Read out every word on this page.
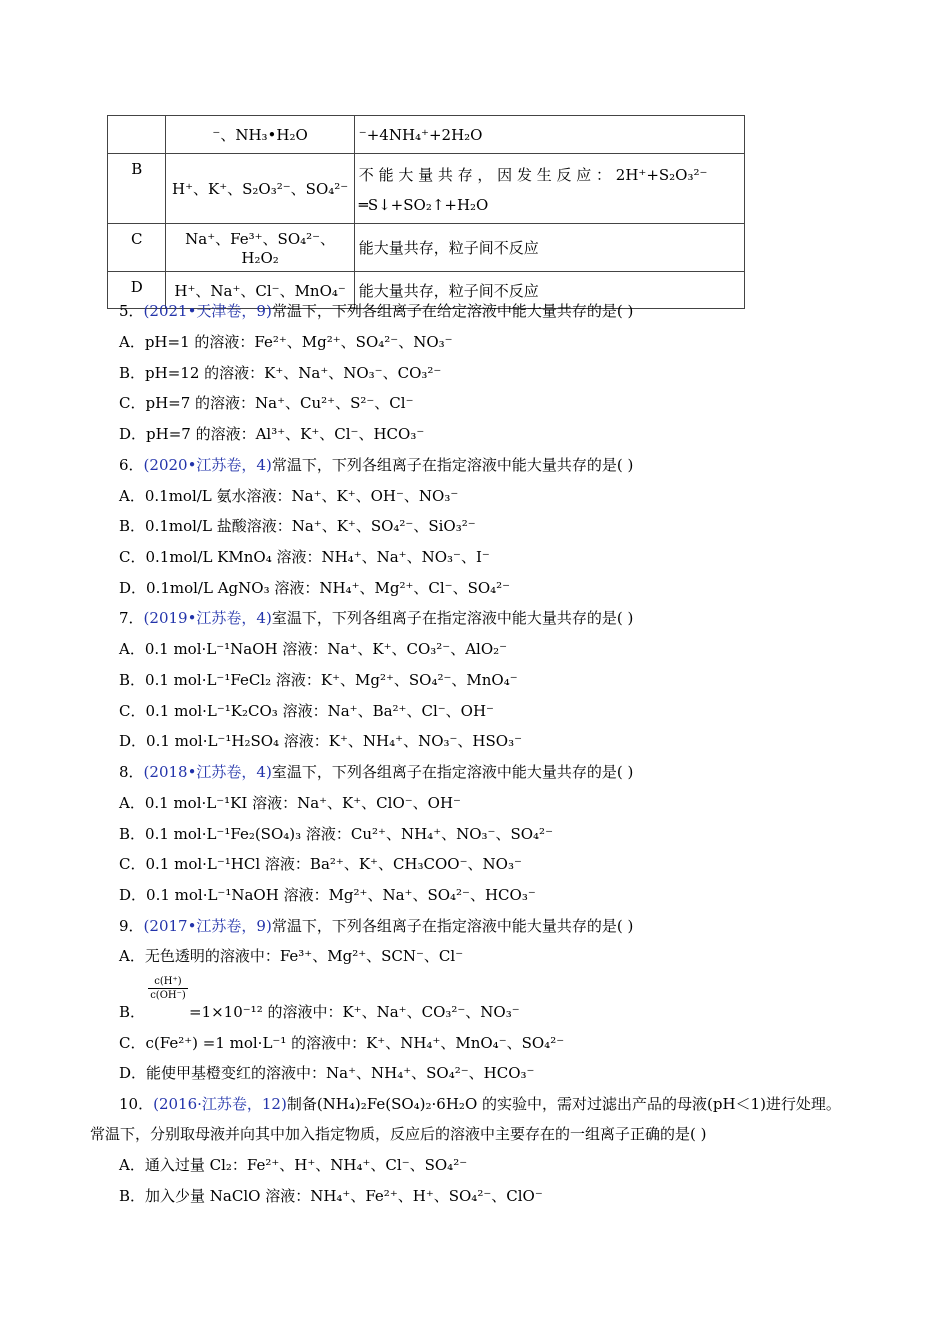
	⁻、NH₃•H₂O	⁻+4NH₄⁺+2H₂O
B	H⁺、K⁺、S₂O₃²⁻、SO₄²⁻	不 能 大 量 共 存 ， 因 发 生 反 应 ： 2H⁺+S₂O₃²⁻
═S↓+SO₂↑+H₂O

C	Na⁺、Fe³⁺、SO₄²⁻、H₂O₂	能大量共存，粒子间不反应
D	H⁺、Na⁺、Cl⁻、MnO₄⁻	能大量共存，粒子间不反应
5．(2021•天津卷，9)常温下，下列各组离子在给定溶液中能大量共存的是( )
A．pH=1 的溶液：Fe²⁺、Mg²⁺、SO₄²⁻、NO₃⁻
B．pH=12 的溶液：K⁺、Na⁺、NO₃⁻、CO₃²⁻
C．pH=7 的溶液：Na⁺、Cu²⁺、S²⁻、Cl⁻
D．pH=7 的溶液：Al³⁺、K⁺、Cl⁻、HCO₃⁻
6．(2020•江苏卷，4)常温下，下列各组离子在指定溶液中能大量共存的是( )
A．0.1mol/L 氨水溶液：Na⁺、K⁺、OH⁻、NO₃⁻
B．0.1mol/L 盐酸溶液：Na⁺、K⁺、SO₄²⁻、SiO₃²⁻
C．0.1mol/L KMnO₄ 溶液：NH₄⁺、Na⁺、NO₃⁻、I⁻
D．0.1mol/L AgNO₃ 溶液：NH₄⁺、Mg²⁺、Cl⁻、SO₄²⁻
7．(2019•江苏卷，4)室温下，下列各组离子在指定溶液中能大量共存的是( )
A．0.1 mol·L⁻¹NaOH 溶液：Na⁺、K⁺、CO₃²⁻、AlO₂⁻
B．0.1 mol·L⁻¹FeCl₂ 溶液：K⁺、Mg²⁺、SO₄²⁻、MnO₄⁻
C．0.1 mol·L⁻¹K₂CO₃ 溶液：Na⁺、Ba²⁺、Cl⁻、OH⁻
D．0.1 mol·L⁻¹H₂SO₄ 溶液：K⁺、NH₄⁺、NO₃⁻、HSO₃⁻
8．(2018•江苏卷，4)室温下，下列各组离子在指定溶液中能大量共存的是( )
A．0.1 mol·L⁻¹KI 溶液：Na⁺、K⁺、ClO⁻、OH⁻
B．0.1 mol·L⁻¹Fe₂(SO₄)₃ 溶液：Cu²⁺、NH₄⁺、NO₃⁻、SO₄²⁻
C．0.1 mol·L⁻¹HCl 溶液：Ba²⁺、K⁺、CH₃COO⁻、NO₃⁻
D．0.1 mol·L⁻¹NaOH 溶液：Mg²⁺、Na⁺、SO₄²⁻、HCO₃⁻
9．(2017•江苏卷，9)常温下，下列各组离子在指定溶液中能大量共存的是( )
A．无色透明的溶液中：Fe³⁺、Mg²⁺、SCN⁻、Cl⁻
$\frac{c(H^+)}{c(OH^-)}$
B．	=1×10⁻¹² 的溶液中：K⁺、Na⁺、CO₃²⁻、NO₃⁻
C．c(Fe²⁺) =1 mol·L⁻¹ 的溶液中：K⁺、NH₄⁺、MnO₄⁻、SO₄²⁻
D．能使甲基橙变红的溶液中：Na⁺、NH₄⁺、SO₄²⁻、HCO₃⁻
10．(2016·江苏卷，12)制备(NH₄)₂Fe(SO₄)₂·6H₂O 的实验中，需对过滤出产品的母液(pH＜1)进行处理。
常温下，分别取母液并向其中加入指定物质，反应后的溶液中主要存在的一组离子正确的是( )
A．通入过量 Cl₂：Fe²⁺、H⁺、NH₄⁺、Cl⁻、SO₄²⁻
B．加入少量 NaClO 溶液：NH₄⁺、Fe²⁺、H⁺、SO₄²⁻、ClO⁻
